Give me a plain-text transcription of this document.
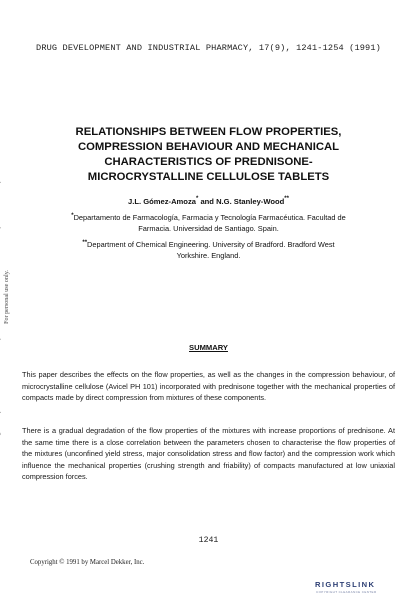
DRUG DEVELOPMENT AND INDUSTRIAL PHARMACY, 17(9), 1241-1254 (1991)
RELATIONSHIPS BETWEEN FLOW PROPERTIES,
COMPRESSION BEHAVIOUR AND MECHANICAL
CHARACTERISTICS OF PREDNISONE-
MICROCRYSTALLINE CELLULOSE TABLETS
J.L. Gómez-Amoza* and N.G. Stanley-Wood**
*Departamento de Farmacología, Farmacia y Tecnología Farmacéutica. Facultad de
Farmacia. Universidad de Santiago. Spain.
**Department of Chemical Engineering. University of Bradford. Bradford West
Yorkshire. England.
For personal use only.
SUMMARY
This paper describes the effects on the flow properties, as well as the changes in the compression behaviour, of microcrystalline cellulose (Avicel PH 101) incorporated with prednisone together with the mechanical properties of compacts made by direct compression from mixtures of these components.
There is a gradual degradation of the flow properties of the mixtures with increase proportions of prednisone. At the same time there is a close correlation between the parameters chosen to characterise the flow properties of the mixtures (unconfined yield stress, major consolidation stress and flow factor) and the compression work which influence the mechanical properties (crushing strength and friability) of compacts manufactured at low uniaxial compression forces.
1241
Copyright © 1991 by Marcel Dekker, Inc.
RIGHTSLINK
COPYRIGHT CLEARANCE CENTER
